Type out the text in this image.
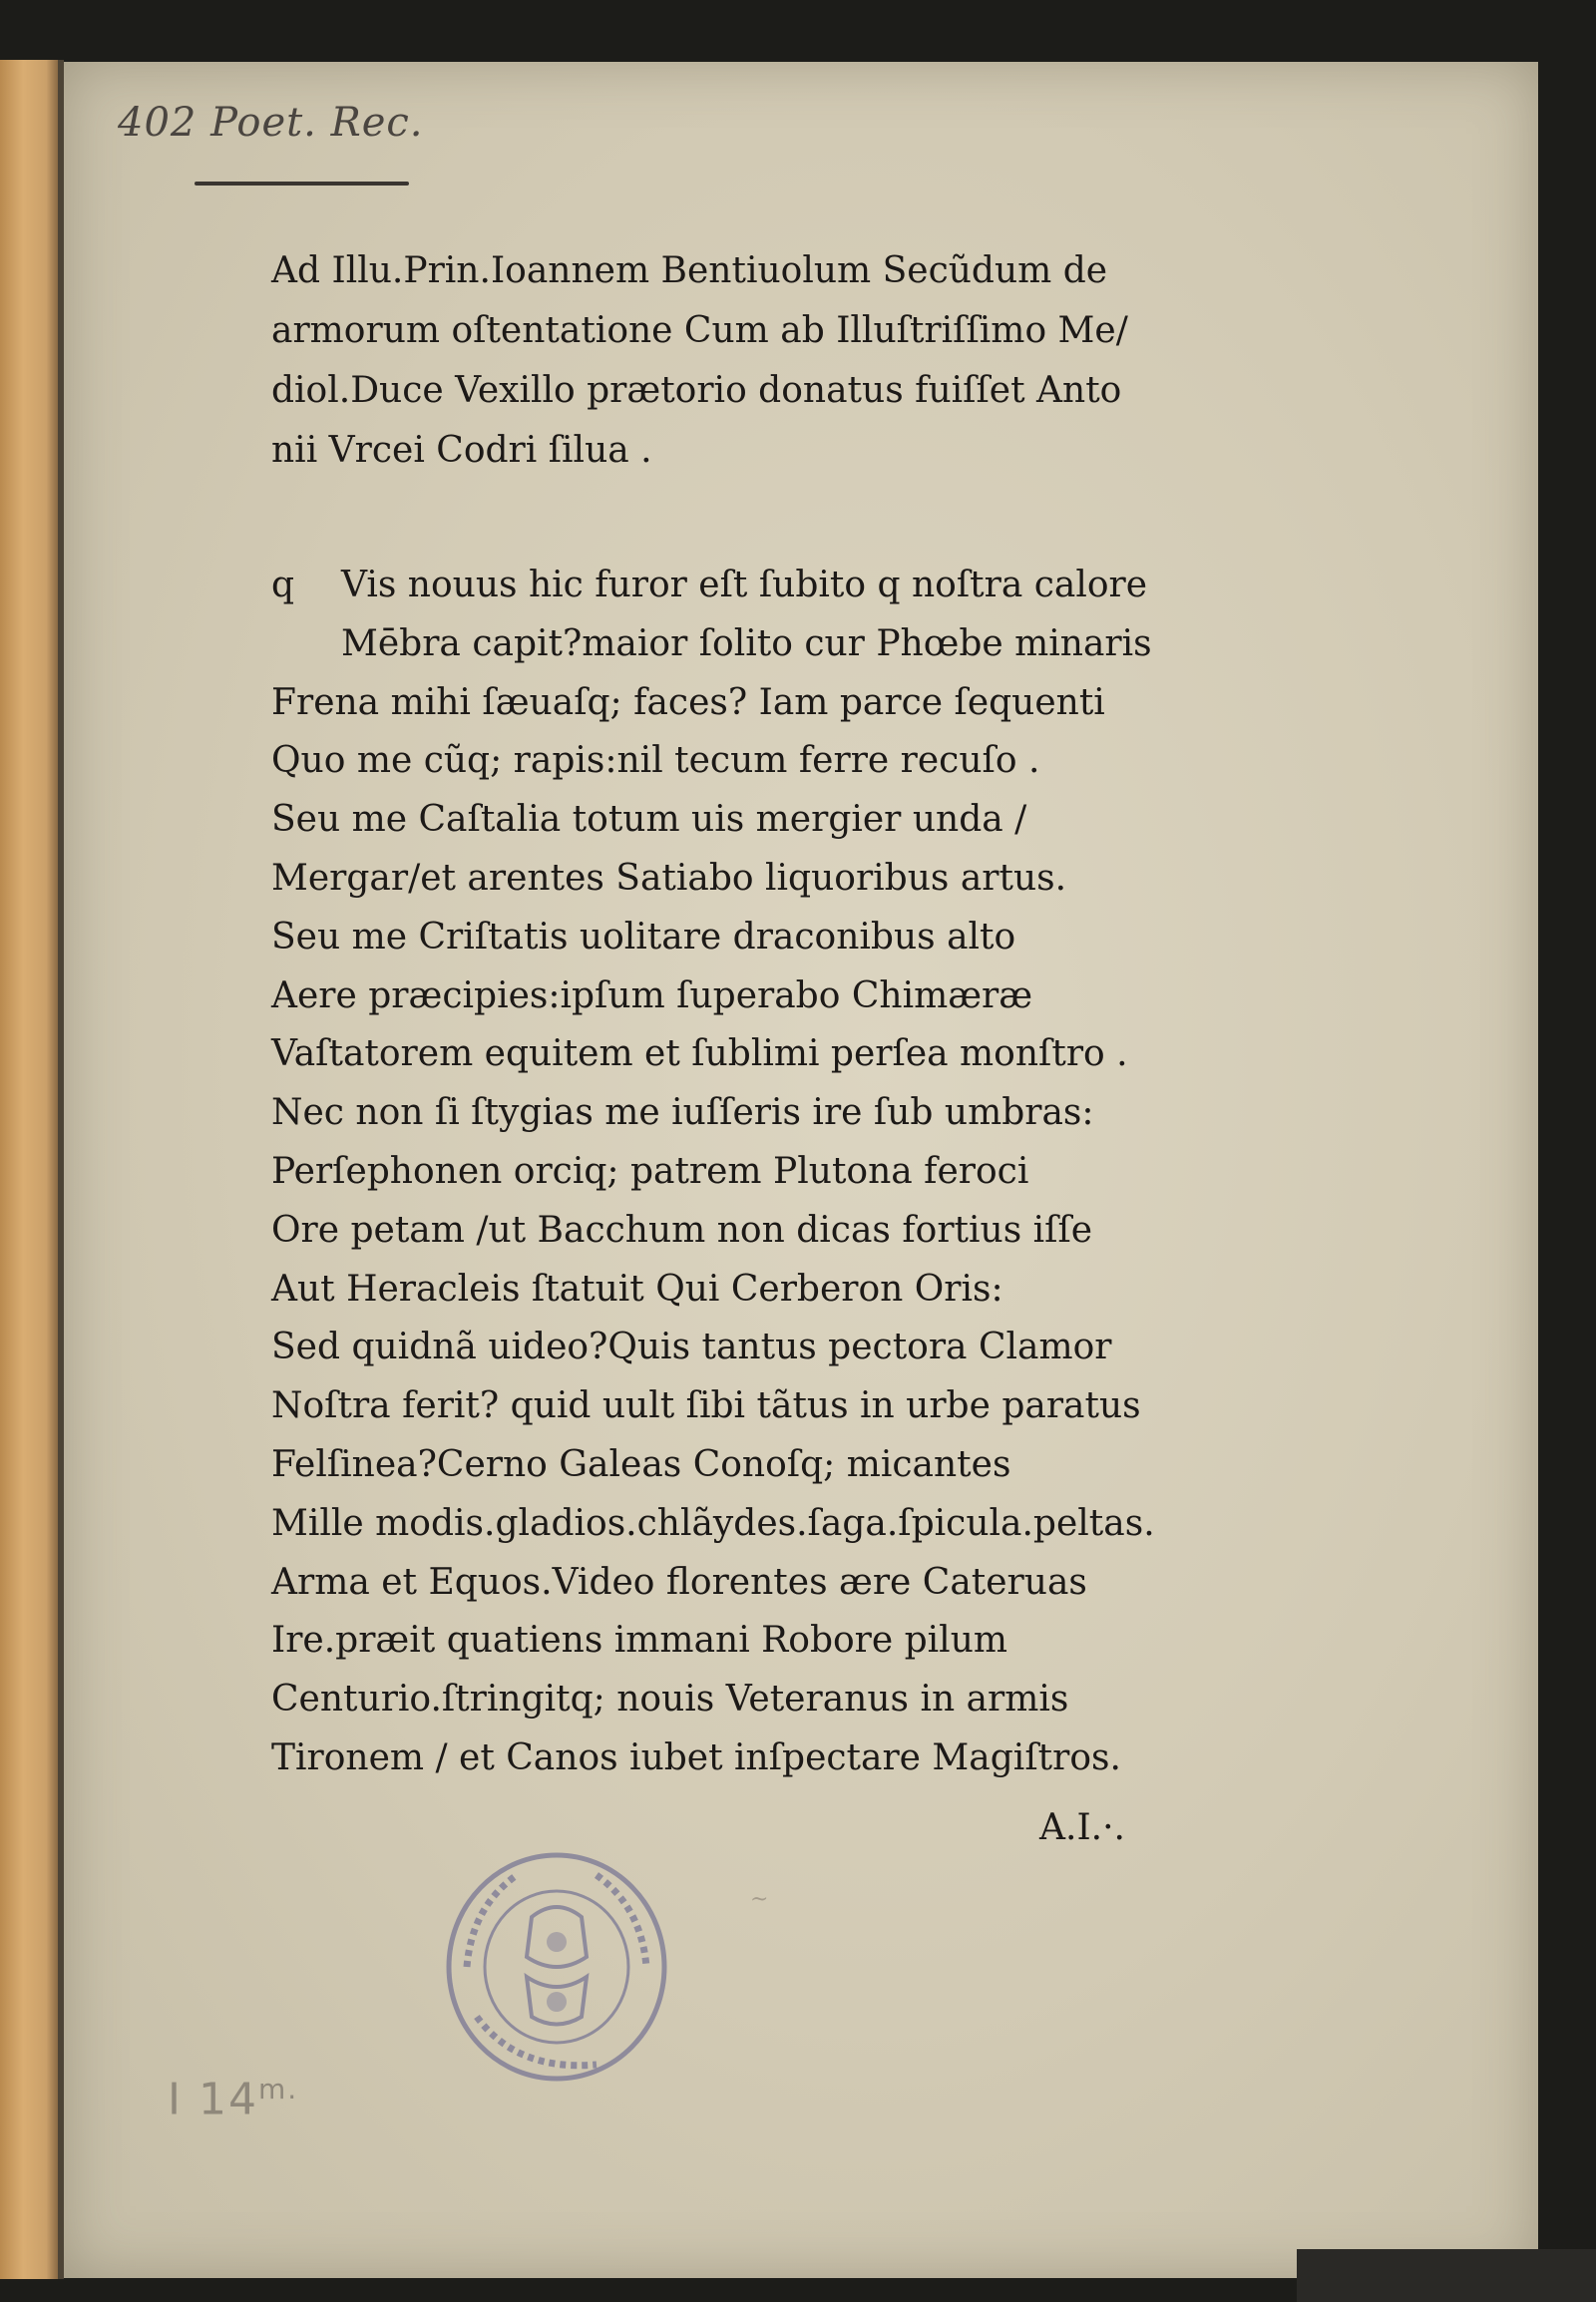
402 Poet. Rec.
Ad Illu.Prin.Ioannem Bentiuolum Secũdum de
armorum oſtentatione Cum ab Illuſtriſſimo Me/
diol.Duce Vexillo prætorio donatus fuiſſet Anto
nii Vrcei Codri ſilua .
q Vis nouus hic furor eſt ſubito q noſtra calore
Mēbra capit?maior ſolito cur Phœbe minaris
Frena mihi ſæuaſq; faces? Iam parce ſequenti
Quo me cũq; rapis:nil tecum ferre recuſo .
Seu me Caſtalia totum uis mergier unda /
Mergar/et arentes Satiabo liquoribus artus.
Seu me Criſtatis uolitare draconibus alto
Aere præcipies:ipſum ſuperabo Chimæræ
Vaſtatorem equitem et ſublimi perſea monſtro .
Nec non ſi ſtygias me iuſſeris ire ſub umbras:
Perſephonen orciq; patrem Plutona feroci
Ore petam /ut Bacchum non dicas fortius iſſe
Aut Heracleis ſtatuit Qui Cerberon Oris:
Sed quidnã uideo?Quis tantus pectora Clamor
Noſtra ferit? quid uult ſibi tãtus in urbe paratus
Felſinea?Cerno Galeas Conoſq; micantes
Mille modis.gladios.chlãydes.ſaga.ſpicula.peltas.
Arma et Equos.Video florentes ære Cateruas
Ire.præit quatiens immani Robore pilum
Centurio.ſtringitq; nouis Veteranus in armis
Tironem / et Canos iubet inſpectare Magiſtros.
A.I.·.
~
I $14^{m.}$
